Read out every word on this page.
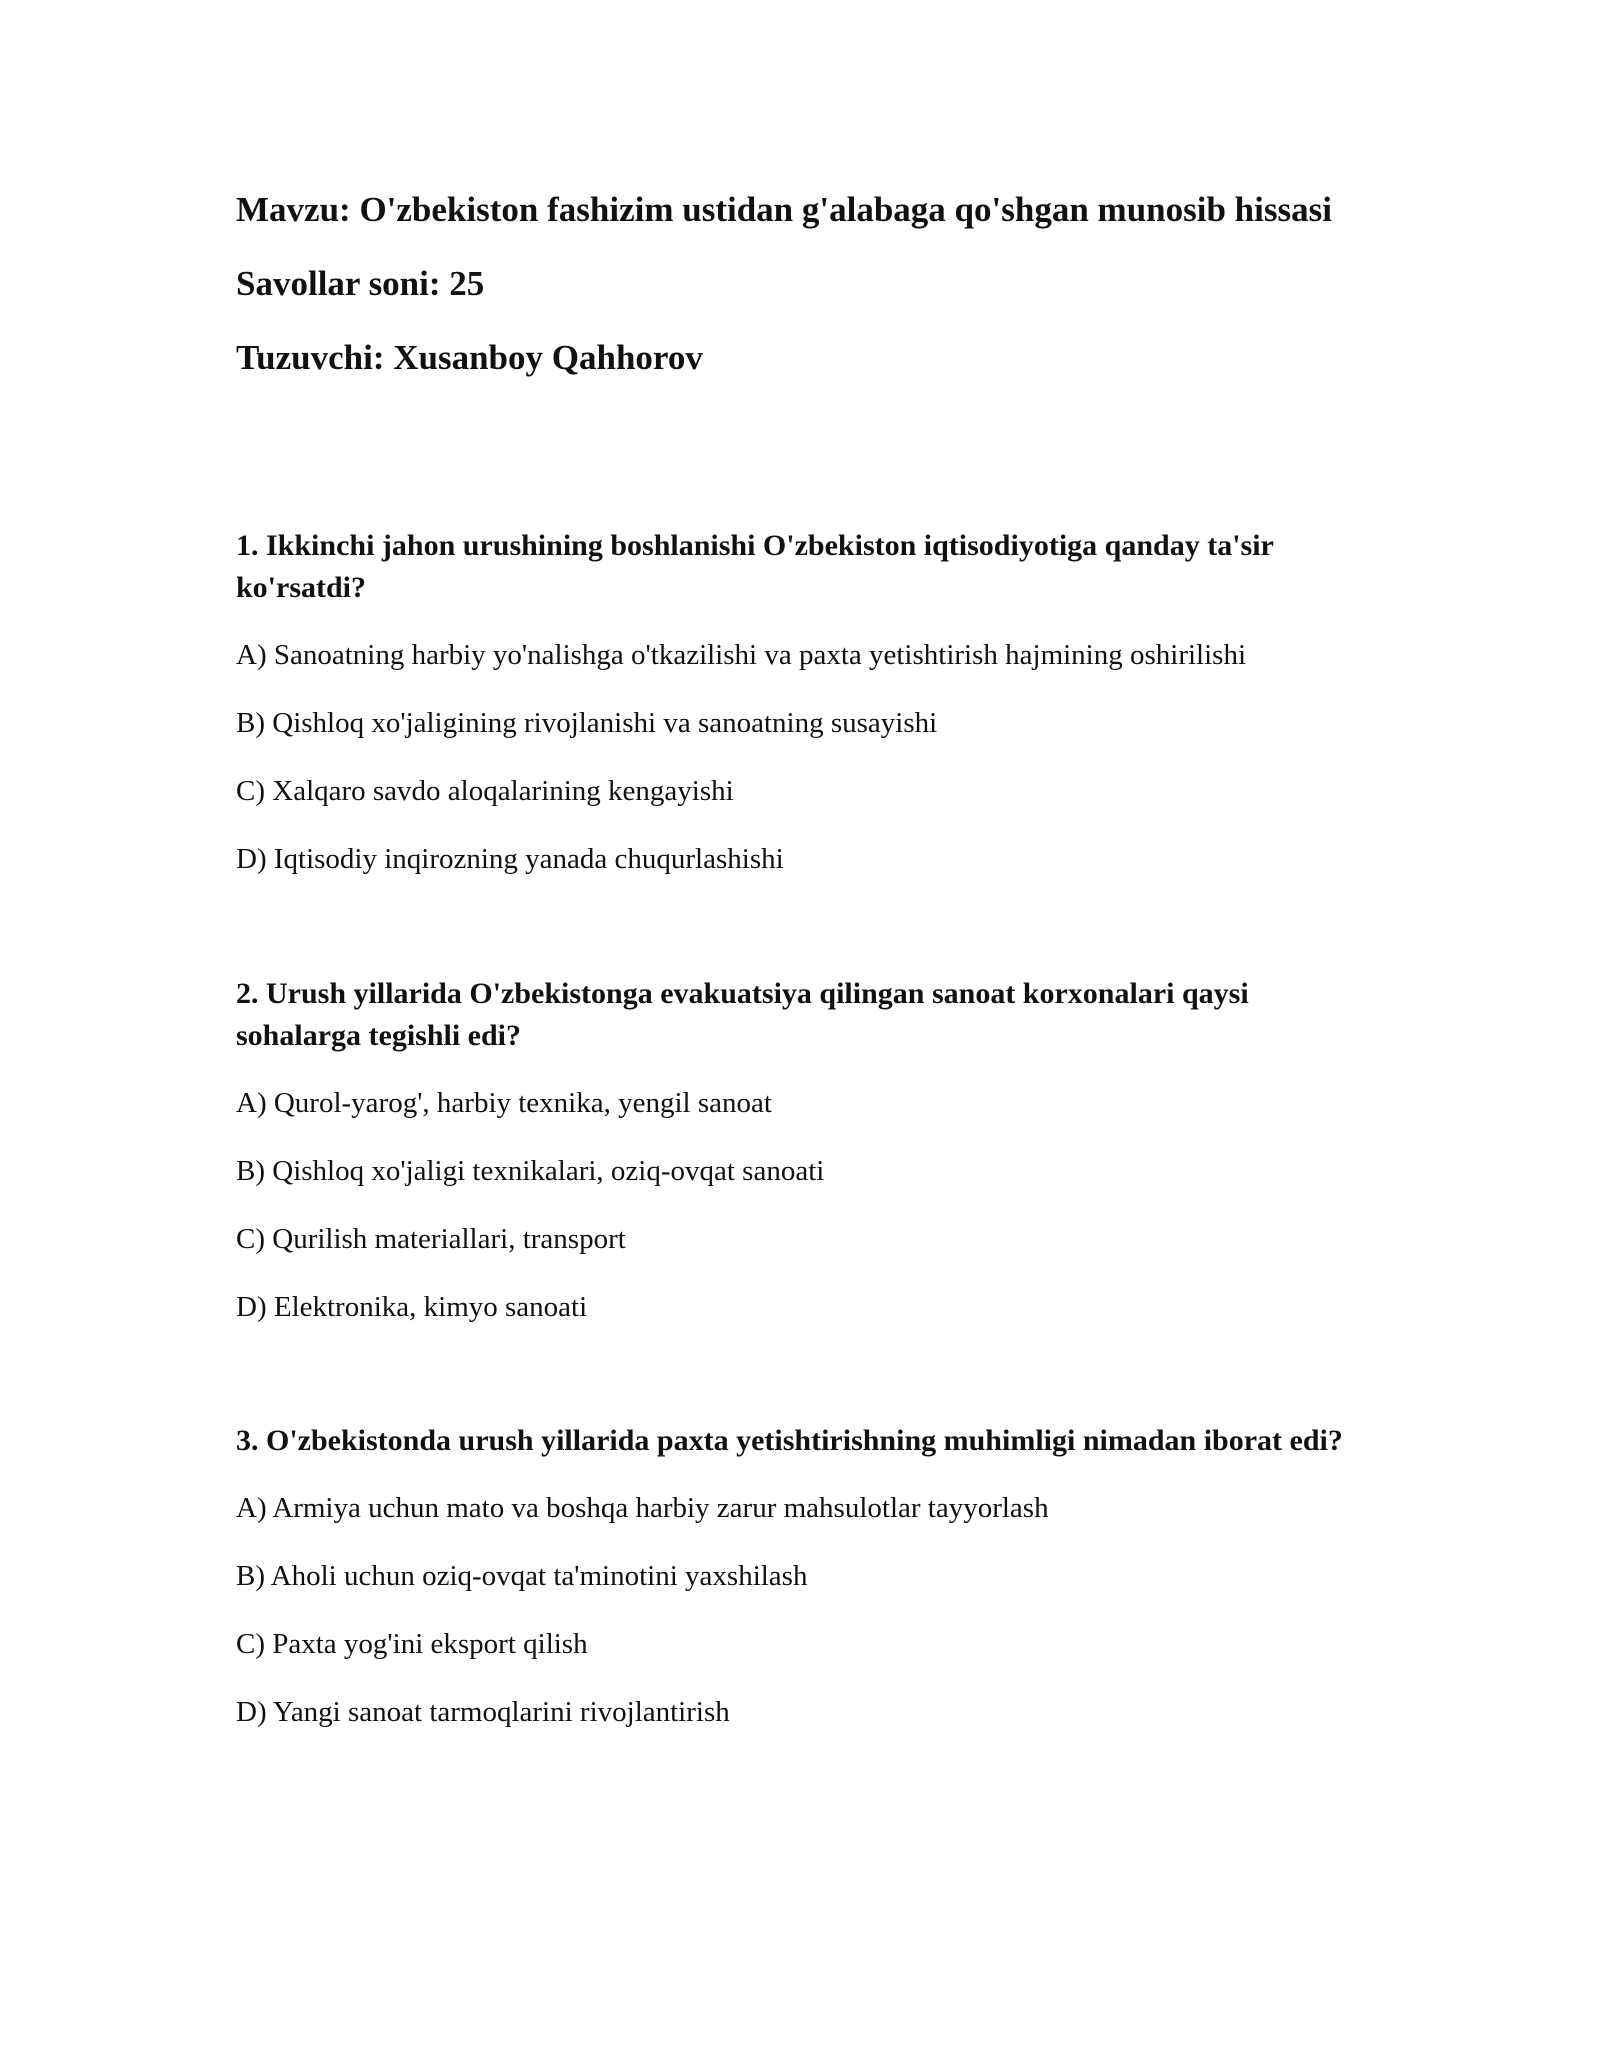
Mavzu: O'zbekiston fashizim ustidan g'alabaga qo'shgan munosib hissasi

Savollar soni: 25

Tuzuvchi: Xusanboy Qahhorov

1. Ikkinchi jahon urushining boshlanishi O'zbekiston iqtisodiyotiga qanday ta'sir ko'rsatdi?

A) Sanoatning harbiy yo'nalishga o'tkazilishi va paxta yetishtirish hajmining oshirilishi

B) Qishloq xo'jaligining rivojlanishi va sanoatning susayishi

C) Xalqaro savdo aloqalarining kengayishi

D) Iqtisodiy inqirozning yanada chuqurlashishi

2. Urush yillarida O'zbekistonga evakuatsiya qilingan sanoat korxonalari qaysi sohalarga tegishli edi?

A) Qurol-yarog', harbiy texnika, yengil sanoat

B) Qishloq xo'jaligi texnikalari, oziq-ovqat sanoati

C) Qurilish materiallari, transport

D) Elektronika, kimyo sanoati

3. O'zbekistonda urush yillarida paxta yetishtirishning muhimligi nimadan iborat edi?

A) Armiya uchun mato va boshqa harbiy zarur mahsulotlar tayyorlash

B) Aholi uchun oziq-ovqat ta'minotini yaxshilash

C) Paxta yog'ini eksport qilish

D) Yangi sanoat tarmoqlarini rivojlantirish
